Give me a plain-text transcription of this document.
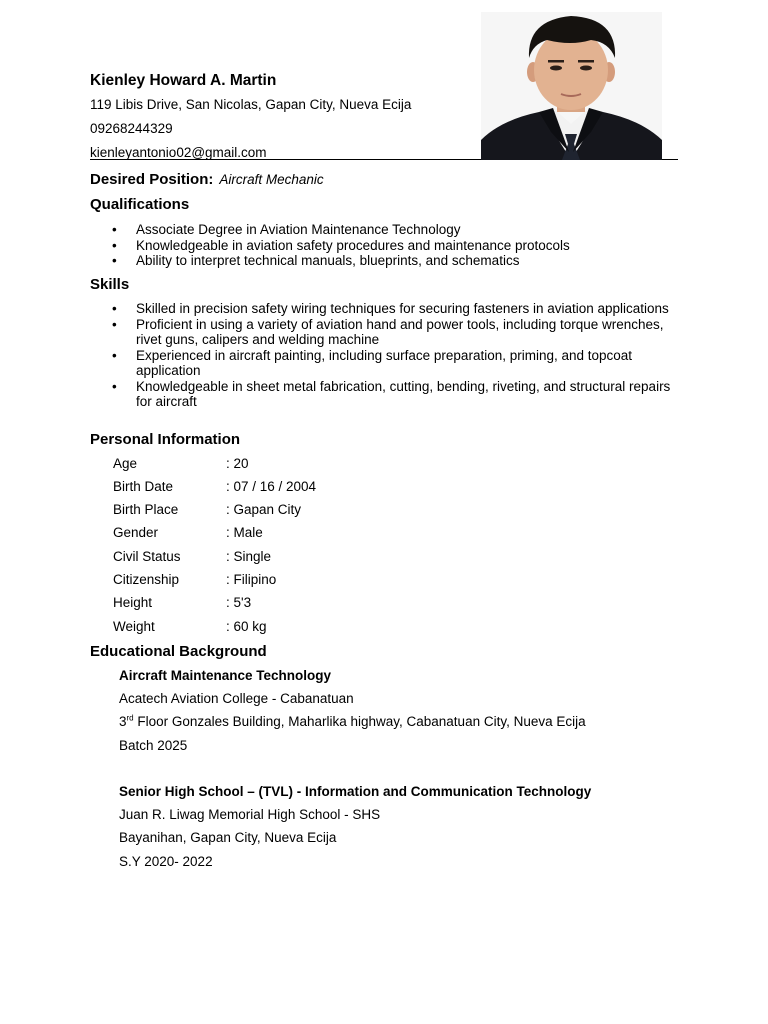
Kienley Howard A. Martin
119 Libis Drive, San Nicolas, Gapan City, Nueva Ecija
09268244329
kienleyantonio02@gmail.com
Desired Position: Aircraft Mechanic
Qualifications
• Associate Degree in Aviation Maintenance Technology
• Knowledgeable in aviation safety procedures and maintenance protocols
• Ability to interpret technical manuals, blueprints, and schematics
Skills
• Skilled in precision safety wiring techniques for securing fasteners in aviation applications
• Proficient in using a variety of aviation hand and power tools, including torque wrenches, rivet guns, calipers and welding machine
• Experienced in aircraft painting, including surface preparation, priming, and topcoat application
• Knowledgeable in sheet metal fabrication, cutting, bending, riveting, and structural repairs for aircraft
Personal Information
Age	: 20
Birth Date	: 07 / 16 / 2004
Birth Place	: Gapan City
Gender	: Male
Civil Status	: Single
Citizenship	: Filipino
Height	: 5'3
Weight	: 60 kg
Educational Background
Aircraft Maintenance Technology
Acatech Aviation College - Cabanatuan
3rd Floor Gonzales Building, Maharlika highway, Cabanatuan City, Nueva Ecija
Batch 2025
Senior High School – (TVL) - Information and Communication Technology
Juan R. Liwag Memorial High School - SHS
Bayanihan, Gapan City, Nueva Ecija
S.Y 2020- 2022
